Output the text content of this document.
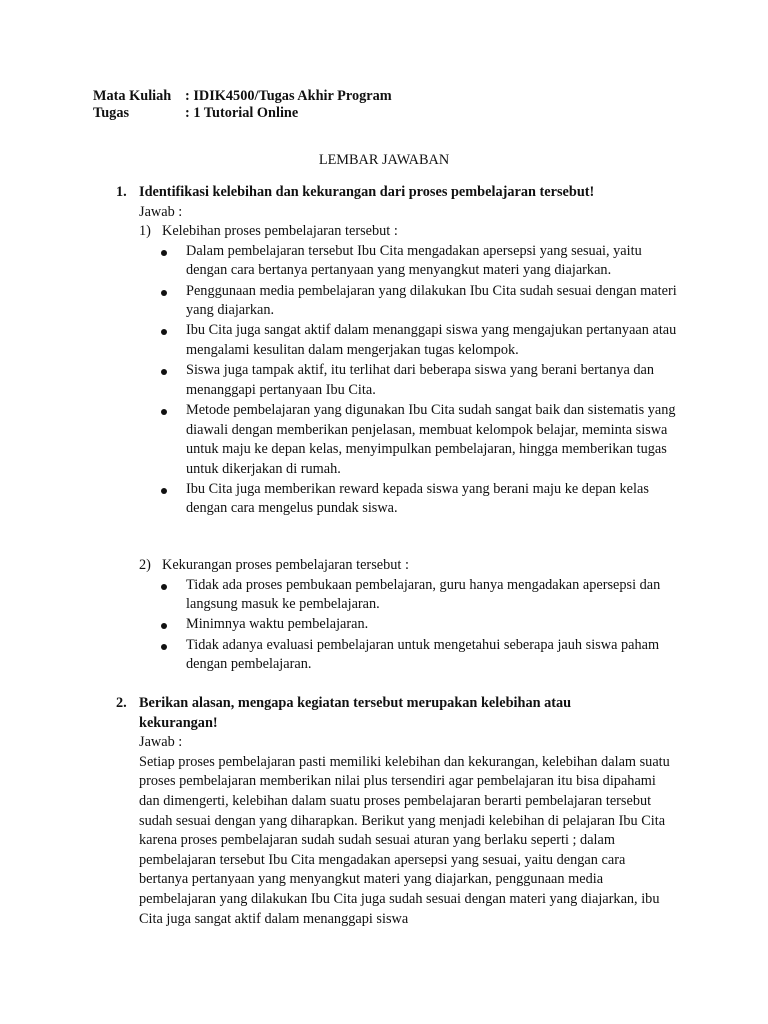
Mata Kuliah : IDIK4500/Tugas Akhir Program
Tugas	: 1 Tutorial Online
LEMBAR JAWABAN
1. Identifikasi kelebihan dan kekurangan dari proses pembelajaran tersebut!
Jawab :
1) Kelebihan proses pembelajaran tersebut :
Dalam pembelajaran tersebut Ibu Cita mengadakan apersepsi yang sesuai, yaitu dengan cara bertanya pertanyaan yang menyangkut materi yang diajarkan.
Penggunaan media pembelajaran yang dilakukan Ibu Cita sudah sesuai dengan materi yang diajarkan.
Ibu Cita juga sangat aktif dalam menanggapi siswa yang mengajukan pertanyaan atau mengalami kesulitan dalam mengerjakan tugas kelompok.
Siswa juga tampak aktif, itu terlihat dari beberapa siswa yang berani bertanya dan menanggapi pertanyaan Ibu Cita.
Metode pembelajaran yang digunakan Ibu Cita sudah sangat baik dan sistematis yang diawali dengan memberikan penjelasan, membuat kelompok belajar, meminta siswa untuk maju ke depan kelas, menyimpulkan pembelajaran, hingga memberikan tugas untuk dikerjakan di rumah.
Ibu Cita juga memberikan reward kepada siswa yang berani maju ke depan kelas dengan cara mengelus pundak siswa.
2) Kekurangan proses pembelajaran tersebut :
Tidak ada proses pembukaan pembelajaran, guru hanya mengadakan apersepsi dan langsung masuk ke pembelajaran.
Minimnya waktu pembelajaran.
Tidak adanya evaluasi pembelajaran untuk mengetahui seberapa jauh siswa paham dengan pembelajaran.
2. Berikan alasan, mengapa kegiatan tersebut merupakan kelebihan atau kekurangan!
Jawab :
Setiap proses pembelajaran pasti memiliki kelebihan dan kekurangan, kelebihan dalam suatu proses pembelajaran memberikan nilai plus tersendiri agar pembelajaran itu bisa dipahami dan dimengerti, kelebihan dalam suatu proses pembelajaran berarti pembelajaran tersebut sudah sesuai dengan yang diharapkan. Berikut yang menjadi kelebihan di pelajaran Ibu Cita karena proses pembelajaran sudah sudah sesuai aturan yang berlaku seperti ; dalam pembelajaran tersebut Ibu Cita mengadakan apersepsi yang sesuai, yaitu dengan cara bertanya pertanyaan yang menyangkut materi yang diajarkan, penggunaan media pembelajaran yang dilakukan Ibu Cita juga sudah sesuai dengan materi yang diajarkan, ibu Cita juga sangat aktif dalam menanggapi siswa
